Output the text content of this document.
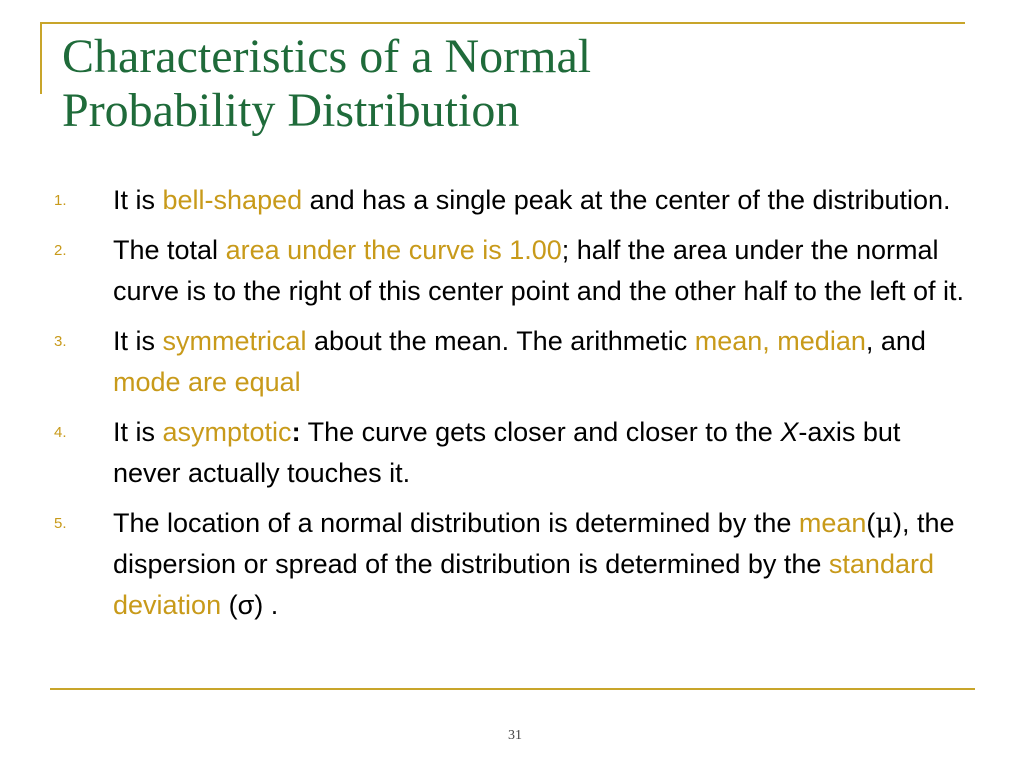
Characteristics of a Normal
Probability Distribution
1. It is bell-shaped and has a single peak at the center of the distribution.
2. The total area under the curve is 1.00; half the area under the normal curve is to the right of this center point and the other half to the left of it.
3. It is symmetrical about the mean. The arithmetic mean, median, and mode are equal
4. It is asymptotic: The curve gets closer and closer to the X-axis but never actually touches it.
5. The location of a normal distribution is determined by the mean(μ), the dispersion or spread of the distribution is determined by the standard deviation (σ) .
31
